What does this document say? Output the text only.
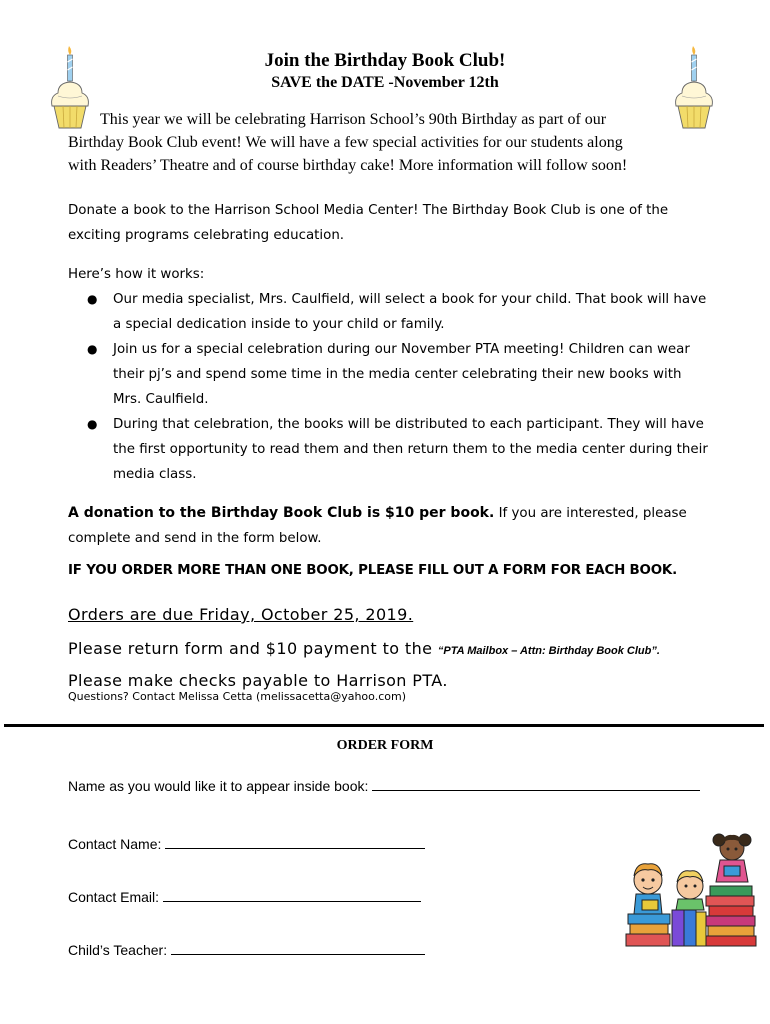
Join the Birthday Book Club!
SAVE the DATE -November 12th
This year we will be celebrating Harrison School’s 90th Birthday as part of our
Birthday Book Club event! We will have a few special activities for our students along
with Readers’ Theatre and of course birthday cake! More information will follow soon!
Donate a book to the Harrison School Media Center! The Birthday Book Club is one of the exciting programs celebrating education.
Here’s how it works:
● Our media specialist, Mrs. Caulfield, will select a book for your child. That book will have a special dedication inside to your child or family.
● Join us for a special celebration during our November PTA meeting! Children can wear their pj’s and spend some time in the media center celebrating their new books with Mrs. Caulfield.
● During that celebration, the books will be distributed to each participant. They will have the first opportunity to read them and then return them to the media center during their media class.
A donation to the Birthday Book Club is $10 per book. If you are interested, please complete and send in the form below.
IF YOU ORDER MORE THAN ONE BOOK, PLEASE FILL OUT A FORM FOR EACH BOOK.
Orders are due Friday, October 25, 2019.
Please return form and $10 payment to the “PTA Mailbox – Attn: Birthday Book Club”. Please make checks payable to Harrison PTA.
Questions? Contact Melissa Cetta (melissacetta@yahoo.com)
ORDER FORM
Name as you would like it to appear inside book:
Contact Name:
Contact Email:
Child’s Teacher:
